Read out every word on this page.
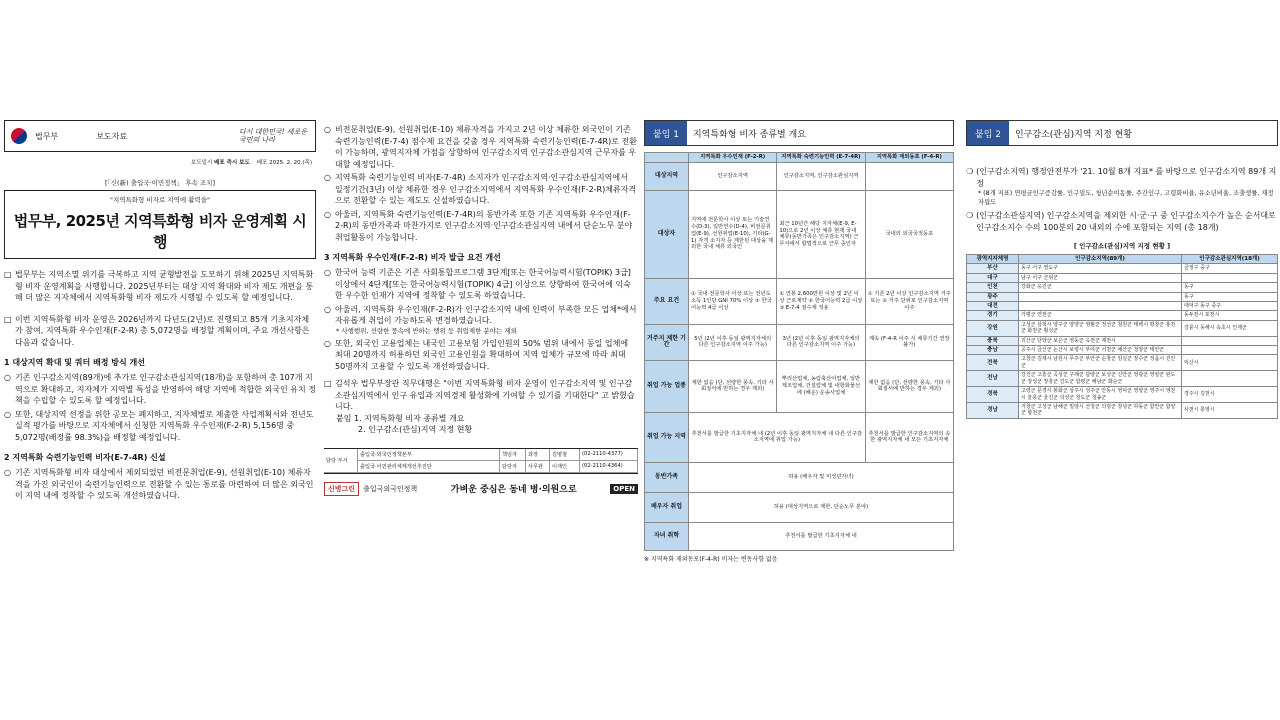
법무부	보도자료	다시 대한민국! 새로운 국민의 나라
보도일시 배포 즉시 보도 배포 2025. 2. 20.(목)
[「신(新) 출입국·이민정책」 후속 조치]
"지역특화형 비자로 지역에 활력을"
법무부, 2025년 지역특화형 비자 운영계획 시행
□ 법무부는 지역소멸 위기를 극복하고 지역 균형발전을 도모하기 위해 2025년 지역특화형 비자 운영계획을 시행합니다. 2025년부터는 대상 지역 확대와 비자 제도 개편을 통해 더 많은 지자체에서 지역특화형 비자 제도가 시행될 수 있도록 할 예정입니다.
□ 이번 지역특화형 비자 운영은 2026년까지 다년도(2년)로 진행되고 85개 기초지자체가 참여, 지역특화 우수인재(F-2-R) 총 5,072명을 배정할 계획이며, 주요 개선사항은 다음과 같습니다.
1 대상지역 확대 및 쿼터 배정 방식 개선
○ 기존 인구감소지역(89개)에 추가로 인구감소관심지역(18개)을 포함하여 총 107개 지역으로 확대하고, 지자체가 지역별 특성을 반영하여 해당 지역에 적합한 외국인 유치 정책을 수립할 수 있도록 할 예정입니다.
○ 또한, 대상지역 선정을 위한 공모는 폐지하고, 지자체별로 제출한 사업계획서와 전년도 실적 평가를 바탕으로 지자체에서 신청한 지역특화 우수인재(F-2-R) 5,156명 중 5,072명(배정률 98.3%)을 배정할 예정입니다.
2 지역특화 숙련기능인력 비자(E-7-4R) 신설
○ 기존 지역특화형 비자 대상에서 제외되었던 비전문취업(E-9), 선원취업(E-10) 체류자격을 가진 외국인이 숙련기능인력으로 전환할 수 있는 통로를 마련하여 더 많은 외국인이 지역 내에 정착할 수 있도록 개선하였습니다.
○ 비전문취업(E-9), 선원취업(E-10) 체류자격을 가지고 2년 이상 체류한 외국인이 기존 숙련기능인력(E-7-4) 점수제 요건을 갖출 경우 지역특화 숙련기능인력(E-7-4R)로 전환이 가능하며, 광역지자체 가점을 상향하여 인구감소지역 인구감소관심지역 근무자를 우대할 예정입니다.
○ 지역특화 숙련기능인력 비자(E-7-4R) 소지자가 인구감소지역·인구감소관심지역에서 일정기간(3년) 이상 체류한 경우 인구감소지역에서 지역특화 우수인재(F-2-R)체류자격으로 전환할 수 있는 제도도 신설하였습니다.
○ 아울러, 지역특화 숙련기능인력(E-7-4R)의 동반가족 또한 기존 지역특화 우수인재(F-2-R)의 동반가족과 마찬가지로 인구감소지역·인구감소관심지역 내에서 단순노무 분야 취업활동이 가능합니다.
3 지역특화 우수인재(F-2-R) 비자 발급 요건 개선
○ 한국어 능력 기준은 기존 사회통합프로그램 3단계[또는 한국어능력시험(TOPIK) 3급] 이상에서 4단계[또는 한국어능력시험(TOPIK) 4급] 이상으로 상향하여 한국어에 익숙한 우수한 인재가 지역에 정착할 수 있도록 하였습니다.
○ 아울러, 지역특화 우수인재(F-2-R)가 인구감소지역 내에 인력이 부족한 모든 업체*에서 자유롭게 취업이 가능하도록 변경하였습니다.
* 사행행위, 선량한 풍속에 반하는 행위 등 취업제한 분야는 제외
○ 또한, 외국인 고용업체는 내국인 고용보험 가입인원의 50% 범위 내에서 동일 업체에 최대 20명까지 허용하던 외국인 고용인원을 확대하여 지역 업체가 규모에 따라 최대 50명까지 고용할 수 있도록 개선하였습니다.
□ 김석우 법무부장관 직무대행은 "이번 지역특화형 비자 운영이 인구감소지역 및 인구감소관심지역에서 인구 유입과 지역경제 활성화에 기여할 수 있기를 기대한다" 고 밝혔습니다.
붙임 1. 지역특화형 비자 종류별 개요
2. 인구감소(관심)지역 지정 현황
담당 부서
출입국·외국인정책본부	책임자	과장	김병철	(02-2110-4377)
출입국·이민관리체계개선추진단	담당자	사무관	이재인	(02-2110-4364)
신병그린	출입국외국인정책	가벼운 중심은 동네 병·의원으로	OPEN
붙임 1	지역특화형 비자 종류별 개요
	지역특화 우수인재 (F-2-R)	지역특화 숙련기능인력 (E-7-4R)	지역특화 재외동포 (F-4-R)
대상지역	인구감소지역	인구감소지역, 인구감소관심지역	
대상자	지역에 전문학사 이상 또는 기술연수(D-3), 일반연수(D-4), 비전문취업(E-9), 선원취업(E-10), 기타(G-1) 자격 소지자 등 제한된 대상을 제외한 국내 체류 외국인	최근 10년간 해당 지자체(E-9, E-10)으로 2년 이상 체류 현재 국내 체류(동반가족은 인구감소지역) 근무자에서 합법적으로 근무 중인자	국내외 외국국적동포
주요 요건	① 국내 전문학사 이상 또는 전년도 소득 1인당 GNI 70% 이상 ② 한국어능력 4급 이상	① 연봉 2,600만원 이상 및 2년 이상 근로계약 ② 한국어능력 2급 이상 ③ E-7-4 점수제 적용	① 기존 2년 이상 인구감소지역 거주 또는 ② 거주 단위로 인구감소지역 이주
거주지 제한 기간	5년 (2년 이후 동일 광역지자체의 다른 인구감소지역 이주 가능)	3년 (2년 이후 동일 광역지자체의 다른 인구감소지역 이주 가능)	계속 (F-4-R 이주 시 체류기간 연장 불가)
취업 가능 업종	제한 없음 (단, 선량한 풍속, 기타 사회질서에 반하는 경우 제외)	뿌리산업체, 농림축산어업체, 일반제조업체, 건설업체 및 내항화물선에 (해운) 운송사업체	제한 없음 (단, 선량한 풍속, 기타 사회질서에 반하는 경우 제외)
취업 가능 지역	추천서를 발급한 기초지자체 내 (2년 이후 동일 광역지자체 내 다른 인구감소지역에 취업 가능)		추천서를 발급한 인구감소지역의 속한 광역지자체 내 모든 기초지자체
동반가족	허용 (배우자 및 미성년자녀)		
배우자 취업	허용 (대상지역으로 제한, 단순노무 분야)		
자녀 취학	추천서를 발급한 기초지자체 내		
※ 지역특화 재외동포(F-4-R) 비자는 변동사항 없음
붙임 2	인구감소(관심)지역 지정 현황
❍ (인구감소지역) 행정안전부가 '21. 10월 8개 지표* 를 바탕으로 인구감소지역 89개 지정
* (8개 지표) 연평균인구증감률, 인구밀도, 청년순이동률, 주간인구, 고령화비율, 유소년비율, 조출생률, 재정자립도
❍ (인구감소관심지역) 인구감소지역을 제외한 시·군·구 중 인구감소지수가 높은 순서대로 인구감소지수 수의 100분의 20 내외의 수에 포함되는 지역 (총 18개)
[ 인구감소(관심)지역 지정 현황 ]
광역지자체명	인구감소지역(89개)	인구감소관심지역(18개)
부산	동구 서구 영도구	금정구 중구
대구	남구 서구 군위군	
인천	강화군 옹진군	동구
광주		동구
대전		대덕구 동구 중구
경기	가평군 연천군	동두천시 포천시
강원	고성군 삼척시 양구군 양양군 영월군 정선군 철원군 태백시 평창군 홍천군 화천군 횡성군	강릉시 동해시 속초시 인제군
충북	괴산군 단양군 보은군 영동군 옥천군 제천시	
충남	공주시 금산군 논산시 보령시 부여군 서천군 예산군 청양군 태안군	
전북	고창군 김제시 남원시 무주군 부안군 순창군 임실군 장수군 정읍시 진안군	익산시
전남	강진군 고흥군 곡성군 구례군 담양군 보성군 신안군 영광군 영암군 완도군 장성군 장흥군 진도군 함평군 해남군 화순군	
경북	고령군 문경시 봉화군 상주시 성주군 안동시 영덕군 영양군 영주시 영천시 울릉군 울진군 의성군 청도군 청송군	경주시 김천시
경남	거창군 고성군 남해군 밀양시 산청군 의령군 창녕군 하동군 함안군 함양군 합천군	사천시 통영시
